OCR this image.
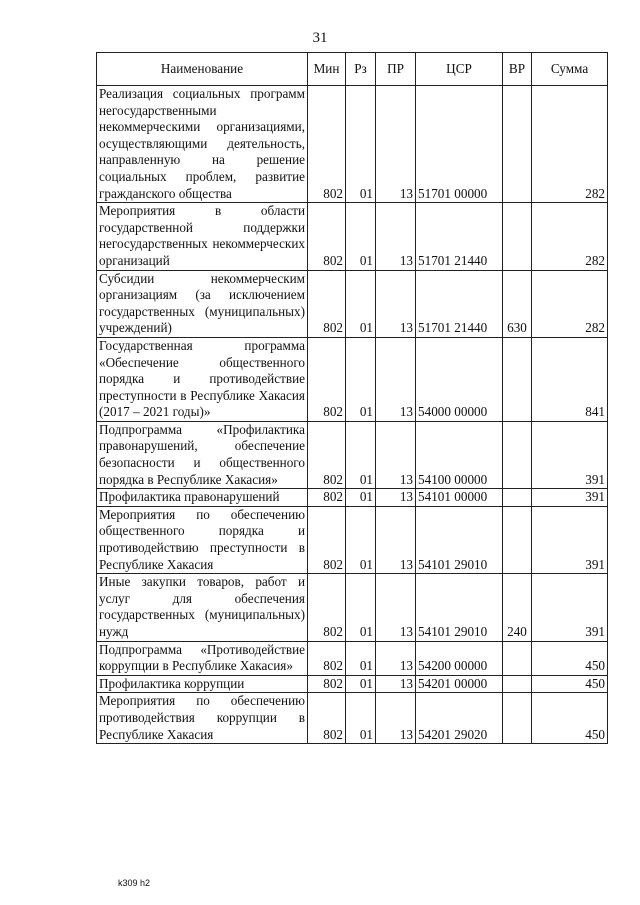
31
Наименование	Мин	Рз	ПР	ЦСР	ВР	Сумма
Реализация социальных программ негосударственными некоммерческими организациями, осуществляющими деятельность, направленную на решение социальных проблем, развитие гражданского общества	802	01	13	51701 00000		282
Мероприятия в области государственной поддержки негосударственных некоммерческих организаций	802	01	13	51701 21440		282
Субсидии некоммерческим организациям (за исключением государственных (муниципальных) учреждений)	802	01	13	51701 21440	630	282
Государственная программа «Обеспечение общественного порядка и противодействие преступности в Республике Хакасия (2017 – 2021 годы)»	802	01	13	54000 00000		841
Подпрограмма «Профилактика правонарушений, обеспечение безопасности и общественного порядка в Республике Хакасия»	802	01	13	54100 00000		391
Профилактика правонарушений	802	01	13	54101 00000		391
Мероприятия по обеспечению общественного порядка и противодействию преступности в Республике Хакасия	802	01	13	54101 29010		391
Иные закупки товаров, работ и услуг для обеспечения государственных (муниципальных) нужд	802	01	13	54101 29010	240	391
Подпрограмма «Противодействие коррупции в Республике Хакасия»	802	01	13	54200 00000		450
Профилактика коррупции	802	01	13	54201 00000		450
Мероприятия по обеспечению противодействия коррупции в Республике Хакасия	802	01	13	54201 29020		450
k309 h2
